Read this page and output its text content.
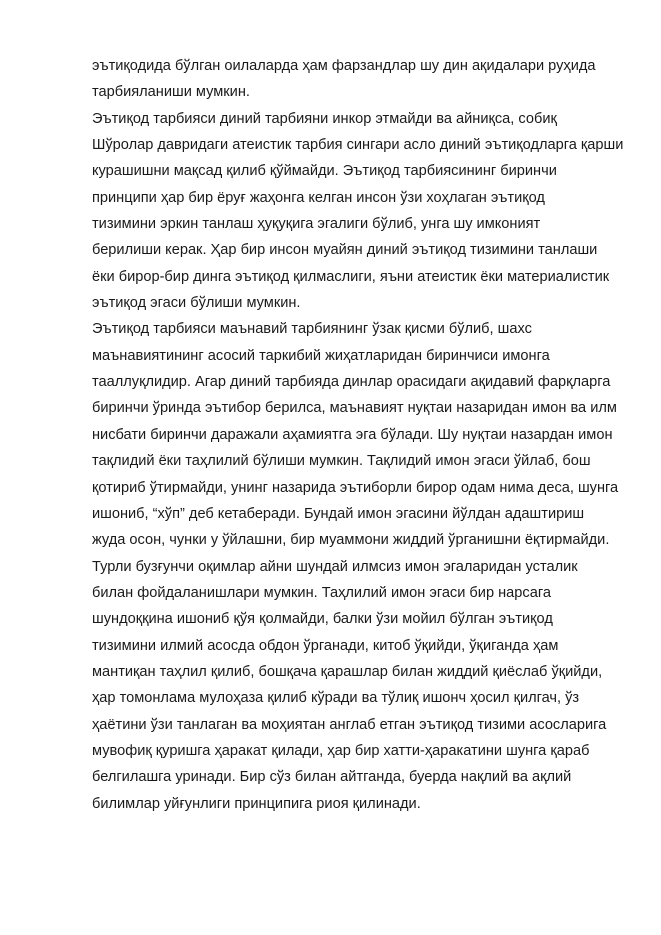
эътиқодида бўлган оилаларда ҳам фарзандлар шу дин ақидалари руҳида
тарбияланиши мумкин.
Эътиқод тарбияси диний тарбияни инкор этмайди ва айниқса, собиқ
Шўролар давридаги атеистик тарбия сингари асло диний эътиқодларга қарши
курашишни мақсад қилиб қўймайди. Эътиқод тарбиясининг биринчи
принципи ҳар бир ёруғ жаҳонга келган инсон ўзи хоҳлаган эътиқод
тизимини эркин танлаш ҳуқуқига эгалиги бўлиб, унга шу имконият
берилиши керак. Ҳар бир инсон муайян диний эътиқод тизимини танлаши
ёки бирор-бир динга эътиқод қилмаслиги, яъни атеистик ёки материалистик
эътиқод эгаси бўлиши мумкин.
Эътиқод тарбияси маънавий тарбиянинг ўзак қисми бўлиб, шахс
маънавиятининг асосий таркибий жиҳатларидан биринчиси имонга
тааллуқлидир. Агар диний тарбияда динлар орасидаги ақидавий фарқларга
биринчи ўринда эътибор берилса, маънавият нуқтаи назаридан имон ва илм
нисбати биринчи даражали аҳамиятга эга бўлади. Шу нуқтаи назардан имон
тақлидий ёки таҳлилий бўлиши мумкин. Тақлидий имон эгаси ўйлаб, бош
қотириб ўтирмайди, унинг назарида эътиборли бирор одам нима деса, шунга
ишониб, “хўп” деб кетаберади. Бундай имон эгасини йўлдан адаштириш
жуда осон, чунки у ўйлашни, бир муаммони жиддий ўрганишни ёқтирмайди.
Турли бузғунчи оқимлар айни шундай илмсиз имон эгаларидан усталик
билан фойдаланишлари мумкин. Таҳлилий имон эгаси бир нарсага
шундоққина ишониб қўя қолмайди, балки ўзи мойил бўлган эътиқод
тизимини илмий асосда обдон ўрганади, китоб ўқийди, ўқиганда ҳам
мантиқан таҳлил қилиб, бошқача қарашлар билан жиддий қиёслаб ўқийди,
ҳар томонлама мулоҳаза қилиб кўради ва тўлиқ ишонч ҳосил қилгач, ўз
ҳаётини ўзи танлаган ва моҳиятан англаб етган эътиқод тизими асосларига
мувофиқ қуришга ҳаракат қилади, ҳар бир хатти-ҳаракатини шунга қараб
белгилашга уринади. Бир сўз билан айтганда, буерда нақлий ва ақлий
билимлар уйғунлиги принципига риоя қилинади.
